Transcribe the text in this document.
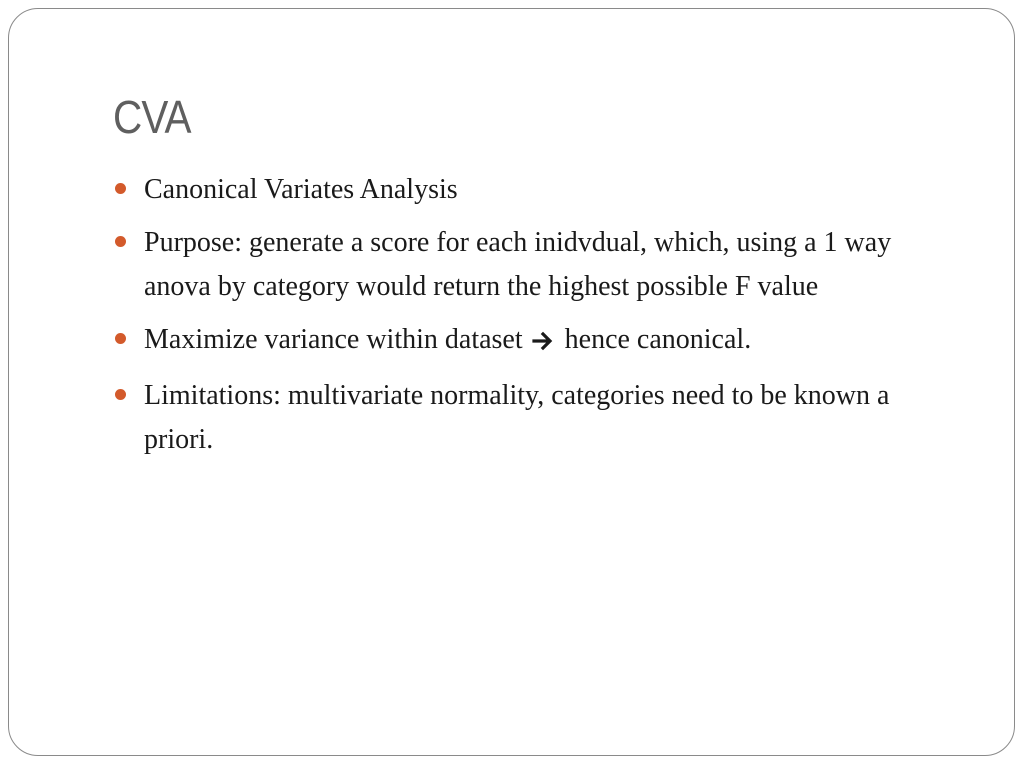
CVA
Canonical Variates Analysis
Purpose: generate a score for each inidvdual, which, using a 1 way anova by category would return the highest possible F value
Maximize variance within dataset hence canonical.
Limitations: multivariate normality, categories need to be known a priori.
